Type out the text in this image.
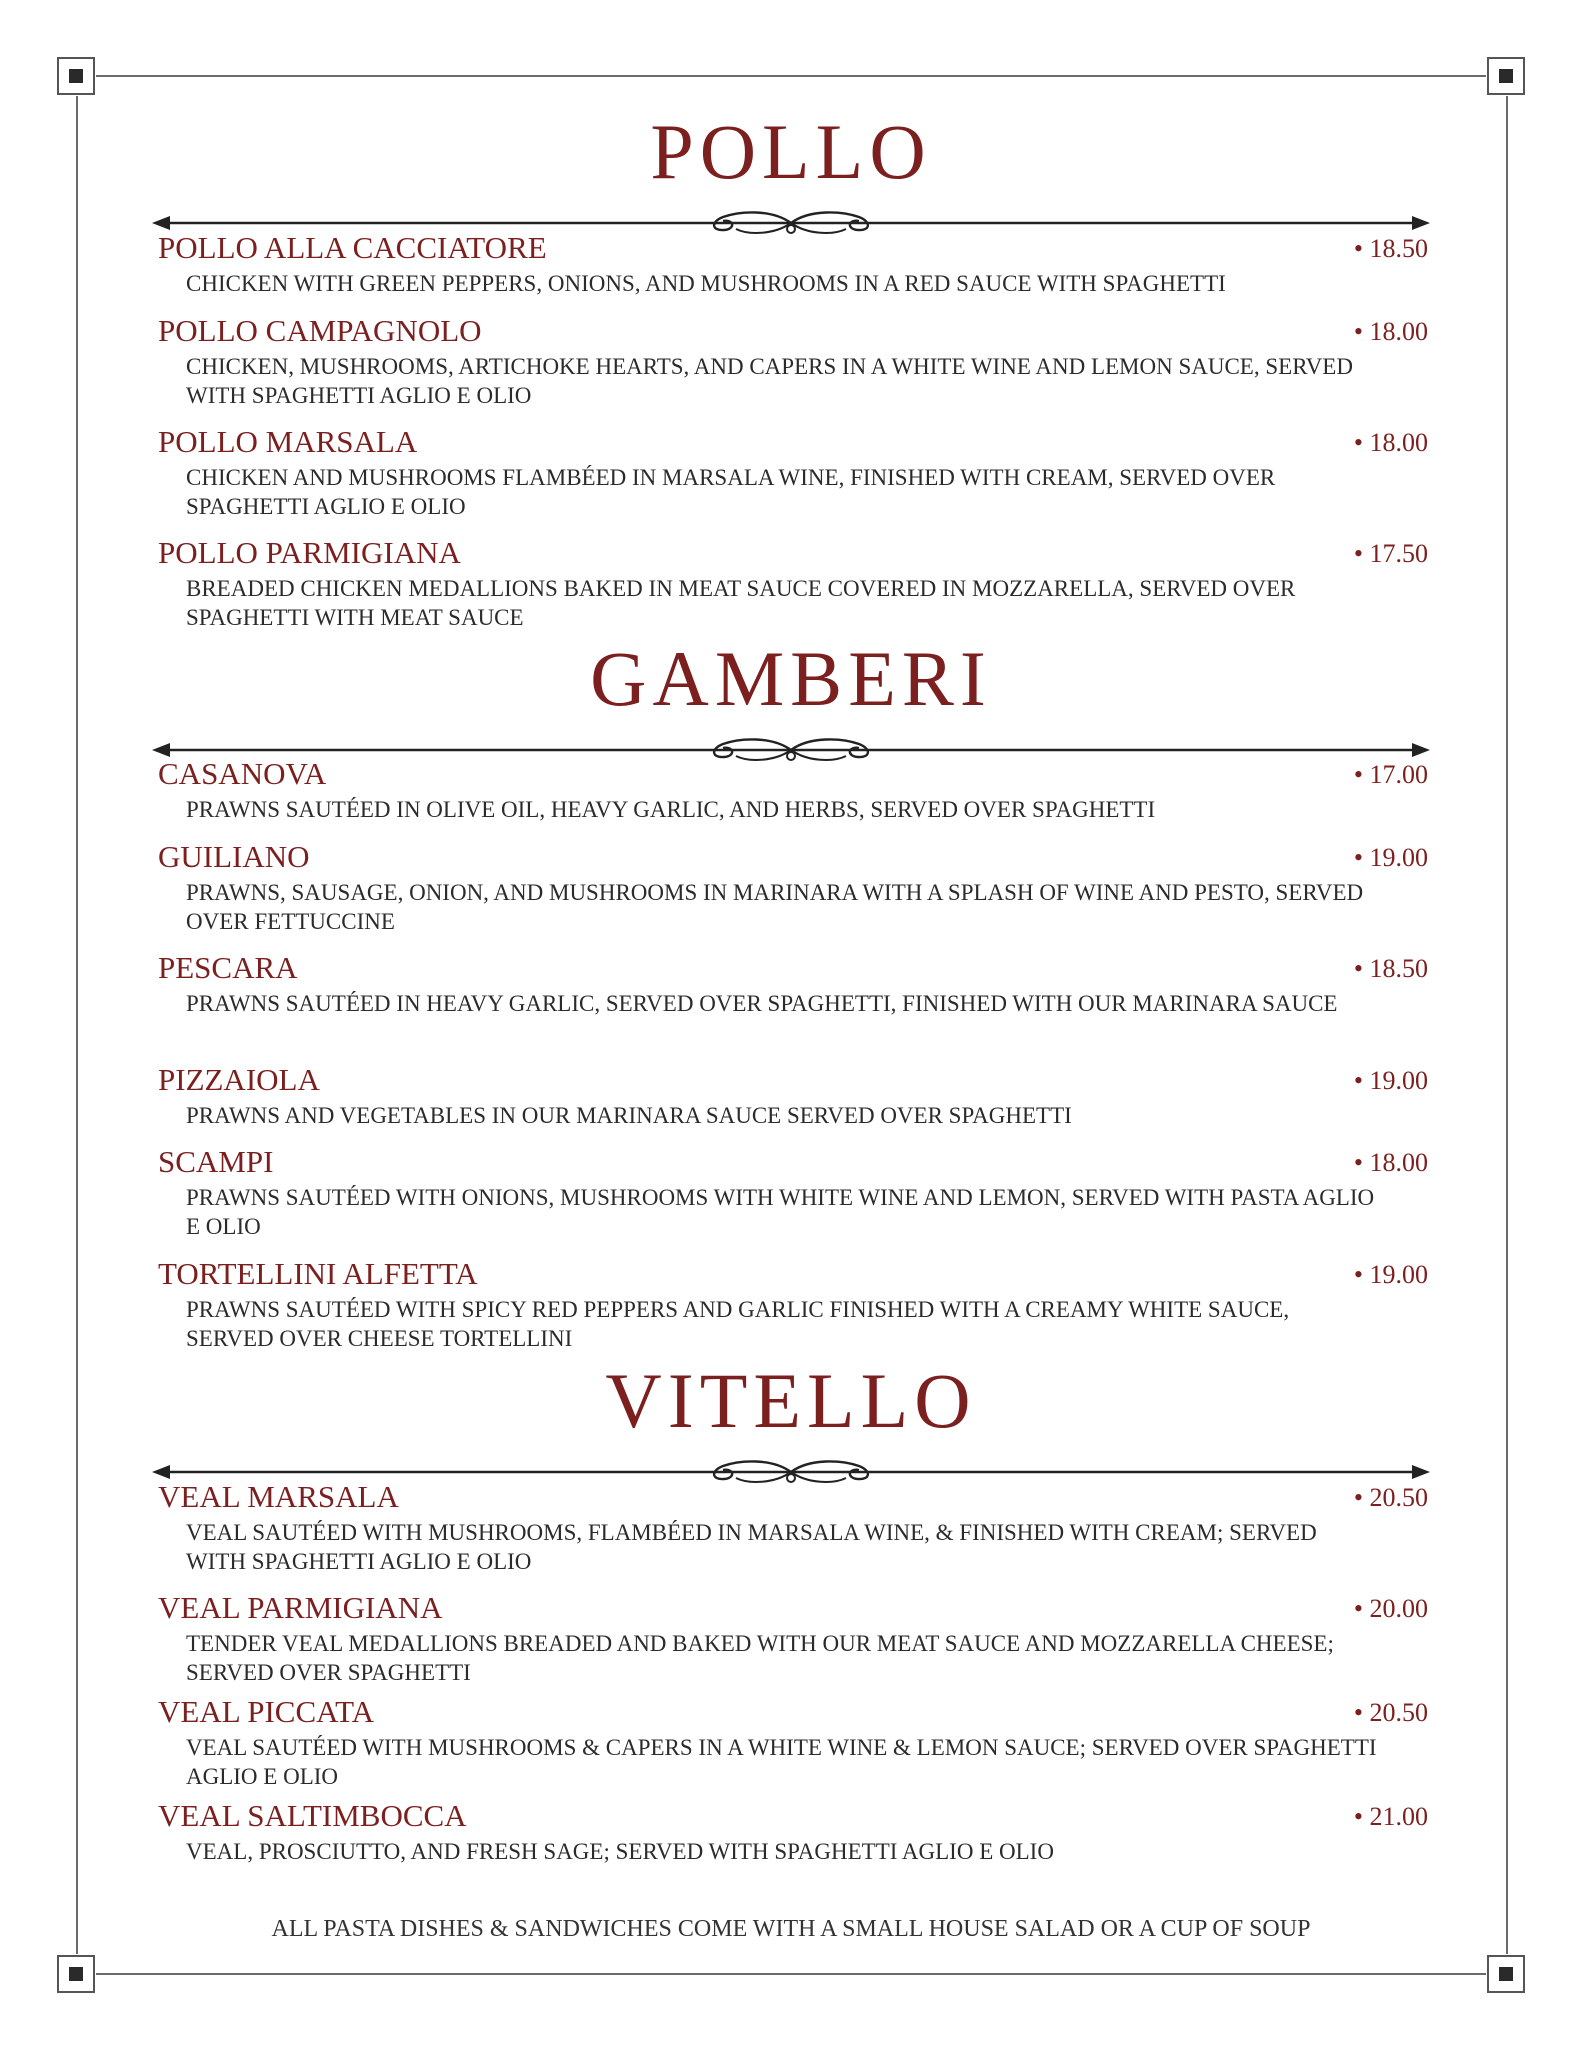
POLLO
POLLO ALLA CACCIATORE	• 18.50
CHICKEN WITH GREEN PEPPERS, ONIONS, AND MUSHROOMS IN A RED SAUCE WITH SPAGHETTI
POLLO CAMPAGNOLO	• 18.00
CHICKEN, MUSHROOMS, ARTICHOKE HEARTS, AND CAPERS IN A WHITE WINE AND LEMON SAUCE, SERVED WITH SPAGHETTI AGLIO E OLIO
POLLO MARSALA	• 18.00
CHICKEN AND MUSHROOMS FLAMBÉED IN MARSALA WINE, FINISHED WITH CREAM, SERVED OVER SPAGHETTI AGLIO E OLIO
POLLO PARMIGIANA	• 17.50
BREADED CHICKEN MEDALLIONS BAKED IN MEAT SAUCE COVERED IN MOZZARELLA, SERVED OVER SPAGHETTI WITH MEAT SAUCE
GAMBERI
CASANOVA	• 17.00
PRAWNS SAUTÉED IN OLIVE OIL, HEAVY GARLIC, AND HERBS, SERVED OVER SPAGHETTI
GUILIANO	• 19.00
PRAWNS, SAUSAGE, ONION, AND MUSHROOMS IN MARINARA WITH A SPLASH OF WINE AND PESTO, SERVED OVER FETTUCCINE
PESCARA	• 18.50
PRAWNS SAUTÉED IN HEAVY GARLIC, SERVED OVER SPAGHETTI, FINISHED WITH OUR MARINARA SAUCE
PIZZAIOLA	• 19.00
PRAWNS AND VEGETABLES IN OUR MARINARA SAUCE SERVED OVER SPAGHETTI
SCAMPI	• 18.00
PRAWNS SAUTÉED WITH ONIONS, MUSHROOMS WITH WHITE WINE AND LEMON, SERVED WITH PASTA AGLIO E OLIO
TORTELLINI ALFETTA	• 19.00
PRAWNS SAUTÉED WITH SPICY RED PEPPERS AND GARLIC FINISHED WITH A CREAMY WHITE SAUCE, SERVED OVER CHEESE TORTELLINI
VITELLO
VEAL MARSALA	• 20.50
VEAL SAUTÉED WITH MUSHROOMS, FLAMBÉED IN MARSALA WINE, & FINISHED WITH CREAM; SERVED WITH SPAGHETTI AGLIO E OLIO
VEAL PARMIGIANA	• 20.00
TENDER VEAL MEDALLIONS BREADED AND BAKED WITH OUR MEAT SAUCE AND MOZZARELLA CHEESE; SERVED OVER SPAGHETTI
VEAL PICCATA	• 20.50
VEAL SAUTÉED WITH MUSHROOMS & CAPERS IN A WHITE WINE & LEMON SAUCE; SERVED OVER SPAGHETTI AGLIO E OLIO
VEAL SALTIMBOCCA	• 21.00
VEAL, PROSCIUTTO, AND FRESH SAGE; SERVED WITH SPAGHETTI AGLIO E OLIO
ALL PASTA DISHES & SANDWICHES COME WITH A SMALL HOUSE SALAD OR A CUP OF SOUP
